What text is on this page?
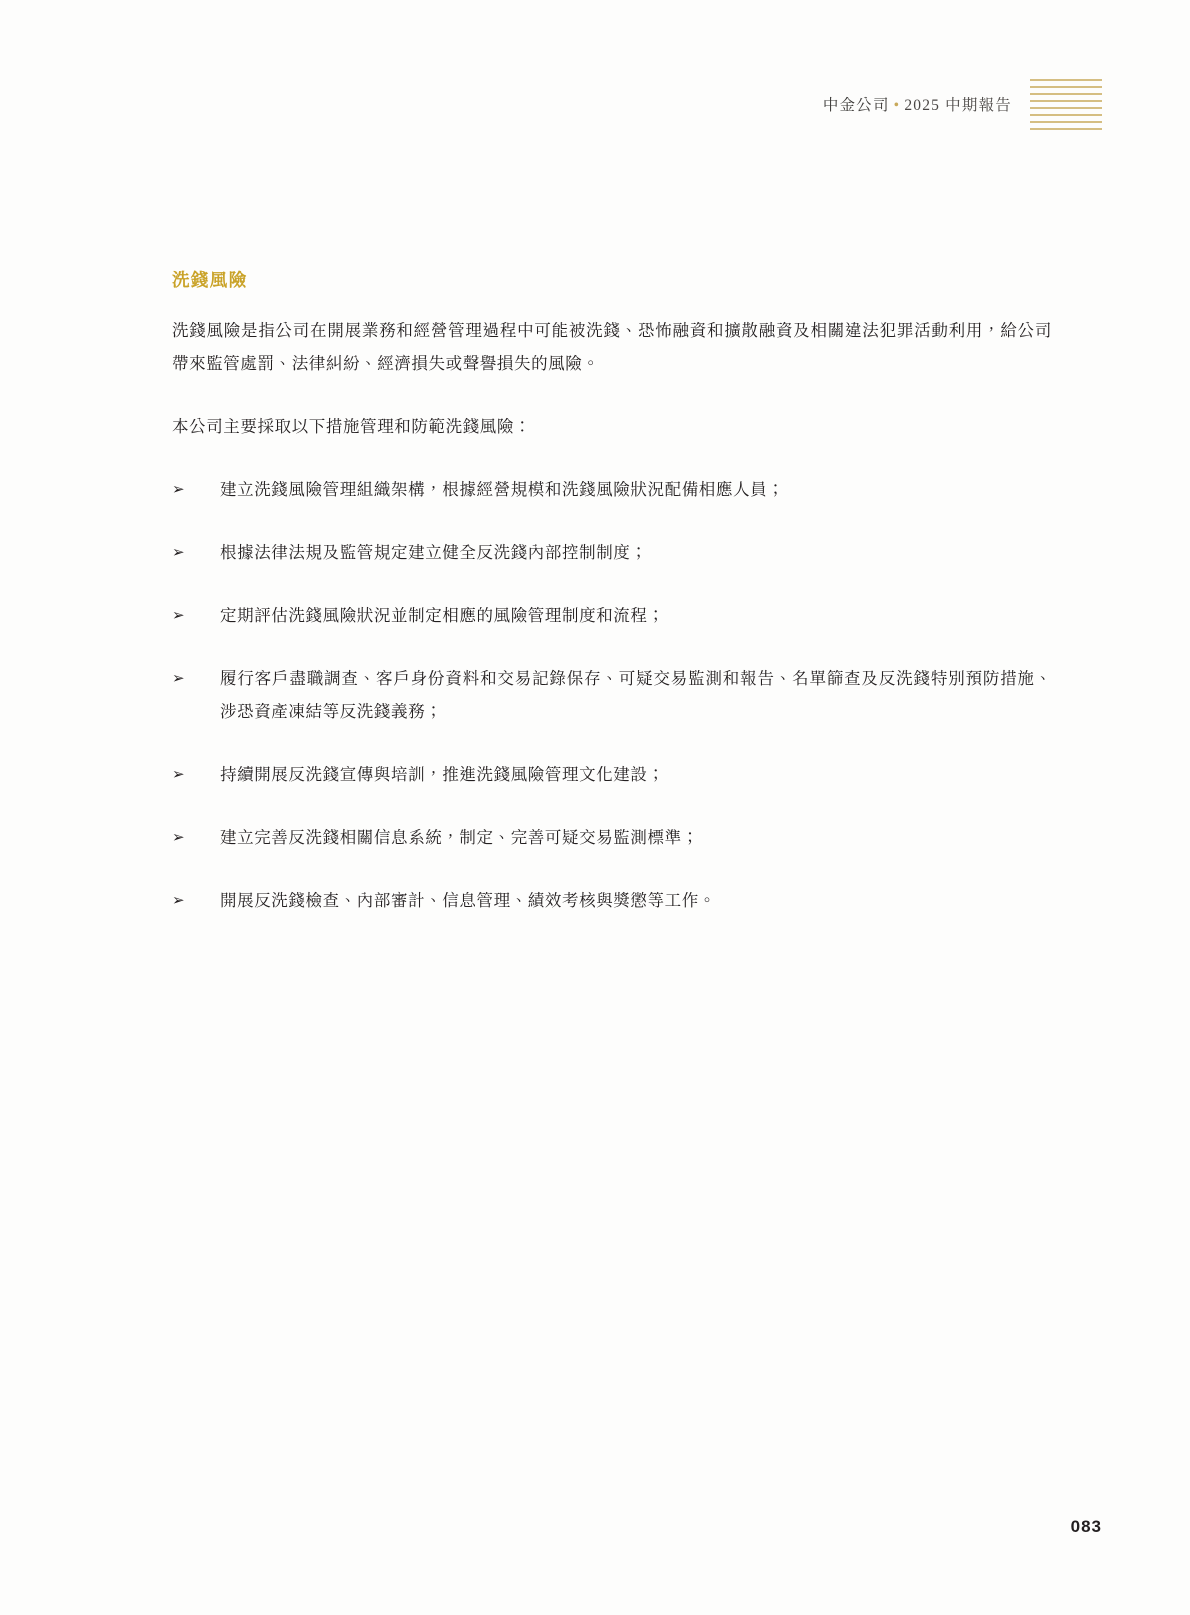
中金公司 • 2025 中期報告
洗錢風險

洗錢風險是指公司在開展業務和經營管理過程中可能被洗錢、恐怖融資和擴散融資及相關違法犯罪活動利用，給公司帶來監管處罰、法律糾紛、經濟損失或聲譽損失的風險。

本公司主要採取以下措施管理和防範洗錢風險：

➢	建立洗錢風險管理組織架構，根據經營規模和洗錢風險狀況配備相應人員；
➢	根據法律法規及監管規定建立健全反洗錢內部控制制度；
➢	定期評估洗錢風險狀況並制定相應的風險管理制度和流程；
➢	履行客戶盡職調查、客戶身份資料和交易記錄保存、可疑交易監測和報告、名單篩查及反洗錢特別預防措施、涉恐資產凍結等反洗錢義務；
➢	持續開展反洗錢宣傳與培訓，推進洗錢風險管理文化建設；
➢	建立完善反洗錢相關信息系統，制定、完善可疑交易監測標準；
➢	開展反洗錢檢查、內部審計、信息管理、績效考核與獎懲等工作。
083
